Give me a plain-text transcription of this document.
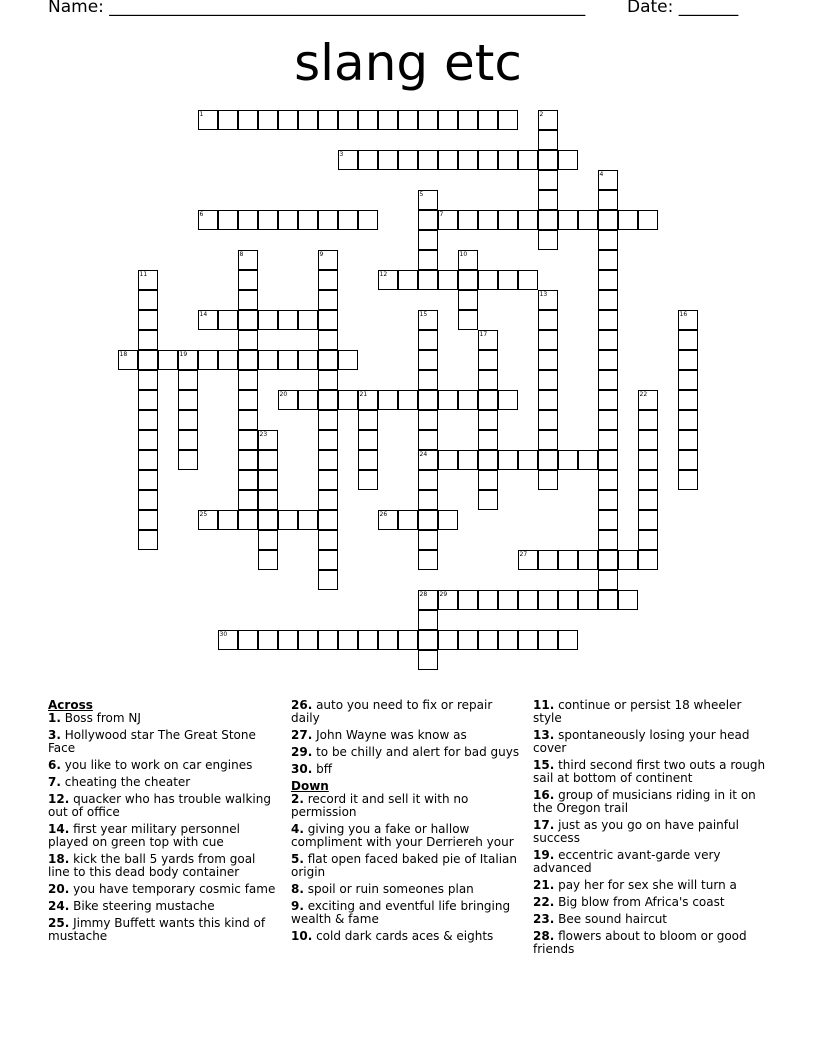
Name: ________________________________________________________ Date: _______
slang etc
1	2
3
4
5
6	7
8	9	10
11	12
13
14	15
24
16
17
18	19
20	21	22
23
25	26
27
28 29
30
Across
1. Boss from NJ
3. Hollywood star The Great Stone Face
6. you like to work on car engines
7. cheating the cheater
12. quacker who has trouble walking out of office
14. first year military personnel played on green top with cue
18. kick the ball 5 yards from goal line to this dead body container
20. you have temporary cosmic fame
24. Bike steering mustache
25. Jimmy Buffett wants this kind of mustache
26. auto you need to fix or repair daily
27. John Wayne was know as
29. to be chilly and alert for bad guys
30. bff
Down
2. record it and sell it with no permission
4. giving you a fake or hallow compliment with your Derriereh your
5. flat open faced baked pie of Italian origin
8. spoil or ruin someones plan
9. exciting and eventful life bringing wealth & fame
10. cold dark cards aces & eights
11. continue or persist 18 wheeler style
13. spontaneously losing your head cover
15. third second first two outs a rough sail at bottom of continent
16. group of musicians riding in it on the Oregon trail
17. just as you go on have painful success
19. eccentric avant-garde very advanced
21. pay her for sex she will turn a
22. Big blow from Africa's coast
23. Bee sound haircut
28. flowers about to bloom or good friends
